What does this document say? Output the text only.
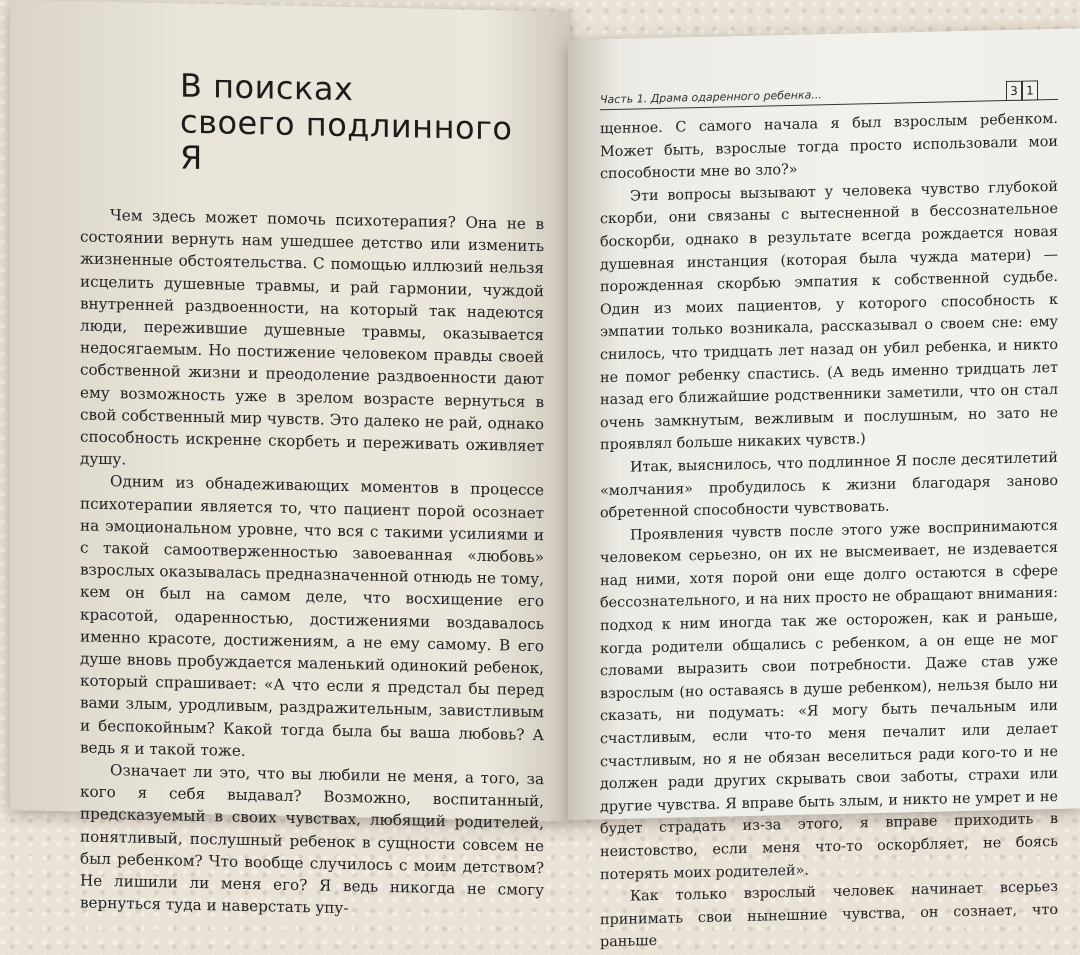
В поисках
своего подлинного Я

Чем здесь может помочь психотерапия? Она не в состоянии вернуть нам ушедшее детство или изменить жизненные обстоятельства. С помощью иллюзий нельзя исцелить душевные травмы, и рай гармонии, чуждой внутренней раздвоенности, на который так надеются люди, пережившие душевные травмы, оказывается недосягаемым. Но постижение человеком правды своей собственной жизни и преодоление раздвоенности дают ему возможность уже в зрелом возрасте вернуться в свой собственный мир чувств. Это далеко не рай, однако способность искренне скорбеть и переживать оживляет душу.

Одним из обнадеживающих моментов в процессе психотерапии является то, что пациент порой осознает на эмоциональном уровне, что вся с такими усилиями и с такой самоотверженностью завоеванная «любовь» взрослых оказывалась предназначенной отнюдь не тому, кем он был на самом деле, что восхищение его красотой, одаренностью, достижениями воздавалось именно красоте, достижениям, а не ему самому. В его душе вновь пробуждается маленький одинокий ребенок, который спрашивает: «А что если я предстал бы перед вами злым, уродливым, раздражительным, завистливым и беспокойным? Какой тогда была бы ваша любовь? А ведь я и такой тоже.

Означает ли это, что вы любили не меня, а того, за кого я себя выдавал? Возможно, воспитанный, предсказуемый в своих чувствах, любящий родителей, понятливый, послушный ребенок в сущности совсем не был ребенком? Что вообще случилось с моим детством? Не лишили ли меня его? Я ведь никогда не смогу вернуться туда и наверстать упу-

Часть 1. Драма одаренного ребенка...	3 1

щенное. С самого начала я был взрослым ребенком. Может быть, взрослые тогда просто использовали мои способности мне во зло?»

Эти вопросы вызывают у человека чувство глубокой скорби, они связаны с вытесненной в бессознательное боскорби, однако в результате всегда рождается новая душевная инстанция (которая была чужда матери) — порожденная скорбью эмпатия к собственной судьбе. Один из моих пациентов, у которого способность к эмпатии только возникала, рассказывал о своем сне: ему снилось, что тридцать лет назад он убил ребенка, и никто не помог ребенку спастись. (А ведь именно тридцать лет назад его ближайшие родственники заметили, что он стал очень замкнутым, вежливым и послушным, но зато не проявлял больше никаких чувств.)

Итак, выяснилось, что подлинное Я после десятилетий «молчания» пробудилось к жизни благодаря заново обретенной способности чувствовать.

Проявления чувств после этого уже воспринимаются человеком серьезно, он их не высмеивает, не издевается над ними, хотя порой они еще долго остаются в сфере бессознательного, и на них просто не обращают внимания: подход к ним иногда так же осторожен, как и раньше, когда родители общались с ребенком, а он еще не мог словами выразить свои потребности. Даже став уже взрослым (но оставаясь в душе ребенком), нельзя было ни сказать, ни подумать: «Я могу быть печальным или счастливым, если что-то меня печалит или делает счастливым, но я не обязан веселиться ради кого-то и не должен ради других скрывать свои заботы, страхи или другие чувства. Я вправе быть злым, и никто не умрет и не будет страдать из-за этого, я вправе приходить в неистовство, если меня что-то оскорбляет, не боясь потерять моих родителей».

Как только взрослый человек начинает всерьез принимать свои нынешние чувства, он сознает, что раньше
